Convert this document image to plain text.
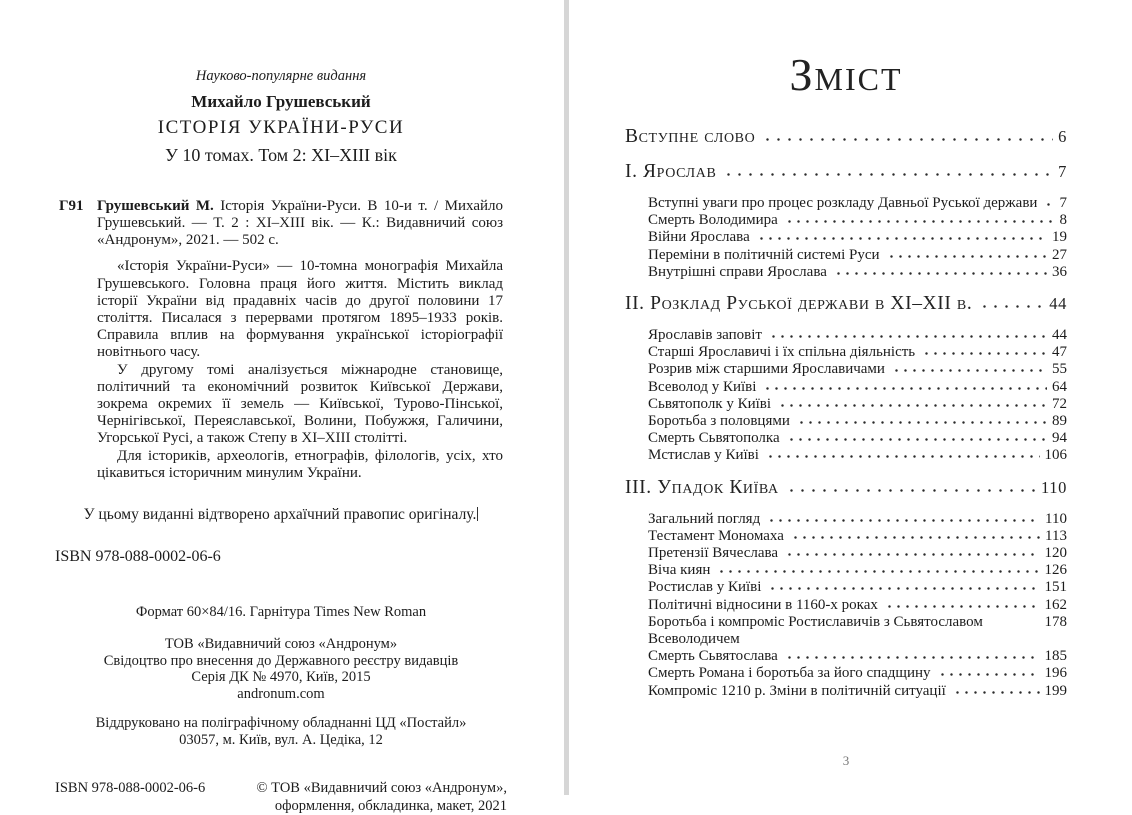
Науково-популярне видання
Михайло Грушевський
ІСТОРІЯ УКРАЇНИ-РУСИ
У 10 томах. Том 2: XI–XIII вік
Г91 Грушевський М. Історія України-Руси. В 10-и т. / Михайло Грушевський. — Т. 2 : XI–XIII вік. — К.: Видавничий союз «Андронум», 2021. — 502 с.

«Історія України-Руси» — 10-томна монографія Михайла Грушевського. Головна праця його життя. Містить виклад історії України від прадавніх часів до другої половини 17 століття. Писалася з перервами протягом 1895–1933 років. Справила вплив на формування української історіографії новітнього часу.

У другому томі аналізується міжнародне становище, політичний та економічний розвиток Київської Держави, зокрема окремих її земель — Київської, Турово-Пінської, Чернігівської, Переяславської, Волини, Побужжя, Галичини, Угорської Русі, а також Степу в XI–XIII столітті.

Для істориків, археологів, етнографів, філологів, усіх, хто цікавиться історичним минулим України.

У цьому виданні відтворено архаїчний правопис оригіналу.
ISBN 978-088-0002-06-6
Формат 60×84/16. Гарнітура Times New Roman
ТОВ «Видавничий союз «Андронум»
Свідоцтво про внесення до Державного реєстру видавців
Серія ДК № 4970, Київ, 2015
andronum.com
Віддруковано на поліграфічному обладнанні ЦД «Постайл»
03057, м. Київ, вул. А. Цедіка, 12
ISBN 978-088-0002-06-6	© ТОВ «Видавничий союз «Андронум»,
оформлення, обкладинка, макет, 2021
Зміст
Вступне слово	6
І. Ярослав	7
Вступні уваги про процес розкладу Давньої Руської держави 7
Смерть Володимира	8
Війни Ярослава	19
Переміни в політичній системі Руси	27
Внутрішні справи Ярослава	36
ІІ. Розклад Руської держави в XI–XII в.	44
Ярославів заповіт	44
Старші Ярославичі і їх спільна діяльність	47
Розрив між старшими Ярославичами	55
Всеволод у Київі	64
Сьвятополк у Київі	72
Боротьба з половцями	89
Смерть Сьвятополка	94
Мстислав у Київі	106
ІІІ. Упадок Київа	110
Загальний погляд	110
Тестамент Мономаха	113
Претензії Вячеслава	120
Віча киян	126
Ростислав у Київі	151
Політичні відносини в 1160-х роках	162
Боротьба і компроміс Ростиславичів з Сьвятославом Всеволодичем
178
Смерть Сьвятослава	185
Смерть Романа і боротьба за його спадщину	196
Компроміс 1210 р. Зміни в політичній ситуації	199
3
